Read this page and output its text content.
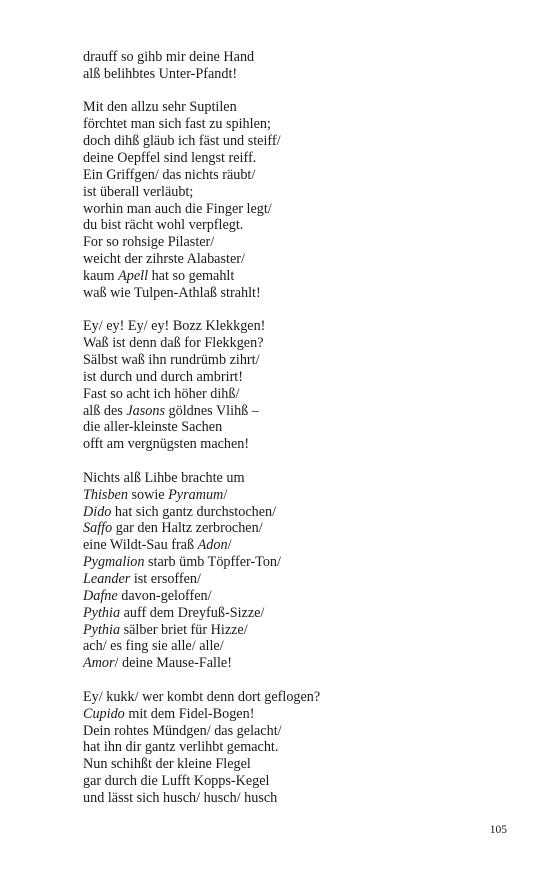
drauff so gihb mir deine Hand
alß belihbtes Unter-Pfandt!
Mit den allzu sehr Suptilen
förchtet man sich fast zu spihlen;
doch dihß gläub ich fäst und steiff/
deine Oepffel sind lengst reiff.
Ein Griffgen/ das nichts räubt/
ist überall verläubt;
worhin man auch die Finger legt/
du bist rächt wohl verpflegt.
For so rohsige Pilaster/
weicht der zihrste Alabaster/
kaum Apell hat so gemahlt
waß wie Tulpen-Athlaß strahlt!
Ey/ ey! Ey/ ey! Bozz Klekkgen!
Waß ist denn daß for Flekkgen?
Sälbst waß ihn rundrümb zihrt/
ist durch und durch ambrirt!
Fast so acht ich höher dihß/
alß des Jasons göldnes Vlihß –
die aller-kleinste Sachen
offt am vergnügsten machen!
Nichts alß Lihbe brachte um
Thisben sowie Pyramum/
Dido hat sich gantz durchstochen/
Saffo gar den Haltz zerbrochen/
eine Wildt-Sau fraß Adon/
Pygmalion starb ümb Töpffer-Ton/
Leander ist ersoffen/
Dafne davon-geloffen/
Pythia auff dem Dreyfuß-Sizze/
Pythia sälber briet für Hizze/
ach/ es fing sie alle/ alle/
Amor/ deine Mause-Falle!
Ey/ kukk/ wer kombt denn dort geflogen?
Cupido mit dem Fidel-Bogen!
Dein rohtes Mündgen/ das gelacht/
hat ihn dir gantz verlihbt gemacht.
Nun schihßt der kleine Flegel
gar durch die Lufft Kopps-Kegel
und lässt sich husch/ husch/ husch
105
